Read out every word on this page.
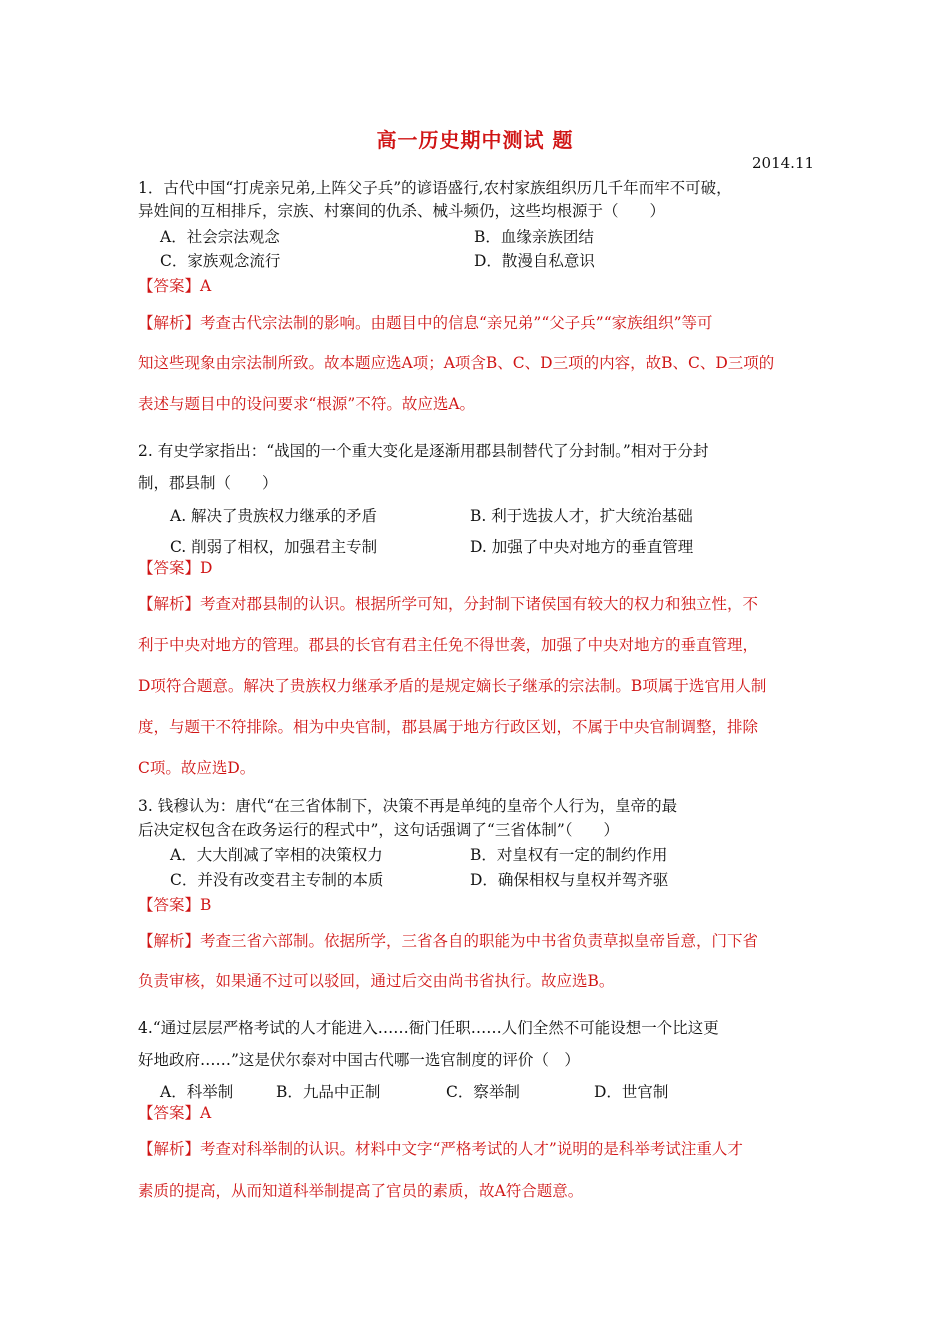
高一历史期中测试 题
2014.11
1．古代中国“打虎亲兄弟,上阵父子兵”的谚语盛行,农村家族组织历几千年而牢不可破，
异姓间的互相排斥，宗族、村寨间的仇杀、械斗频仍，这些均根源于（　　）
A．社会宗法观念	B．血缘亲族团结
C．家族观念流行	D．散漫自私意识
【答案】A
【解析】考查古代宗法制的影响。由题目中的信息“亲兄弟”“父子兵”“家族组织”等可
知这些现象由宗法制所致。故本题应选A项；A项含B、C、D三项的内容，故B、C、D三项的
表述与题目中的设问要求“根源”不符。故应选A。
2. 有史学家指出：“战国的一个重大变化是逐渐用郡县制替代了分封制。”相对于分封
制，郡县制（　　）
A. 解决了贵族权力继承的矛盾	B. 利于选拔人才，扩大统治基础
C. 削弱了相权，加强君主专制	D. 加强了中央对地方的垂直管理
【答案】D
【解析】考查对郡县制的认识。根据所学可知，分封制下诸侯国有较大的权力和独立性，不
利于中央对地方的管理。郡县的长官有君主任免不得世袭，加强了中央对地方的垂直管理，
D项符合题意。解决了贵族权力继承矛盾的是规定嫡长子继承的宗法制。B项属于选官用人制
度，与题干不符排除。相为中央官制，郡县属于地方行政区划，不属于中央官制调整，排除
C项。故应选D。
3. 钱穆认为：唐代“在三省体制下，决策不再是单纯的皇帝个人行为，皇帝的最
后决定权包含在政务运行的程式中”，这句话强调了“三省体制”（　　）
A．大大削减了宰相的决策权力	B．对皇权有一定的制约作用
C．并没有改变君主专制的本质	D．确保相权与皇权并驾齐驱
【答案】B
【解析】考查三省六部制。依据所学，三省各自的职能为中书省负责草拟皇帝旨意，门下省
负责审核，如果通不过可以驳回，通过后交由尚书省执行。故应选B。
4.“通过层层严格考试的人才能进入……衙门任职……人们全然不可能设想一个比这更
好地政府……”这是伏尔泰对中国古代哪一选官制度的评价（　）
A．科举制	B．九品中正制	C．察举制	D．世官制
【答案】A
【解析】考查对科举制的认识。材料中文字“严格考试的人才”说明的是科举考试注重人才
素质的提高，从而知道科举制提高了官员的素质，故A符合题意。
